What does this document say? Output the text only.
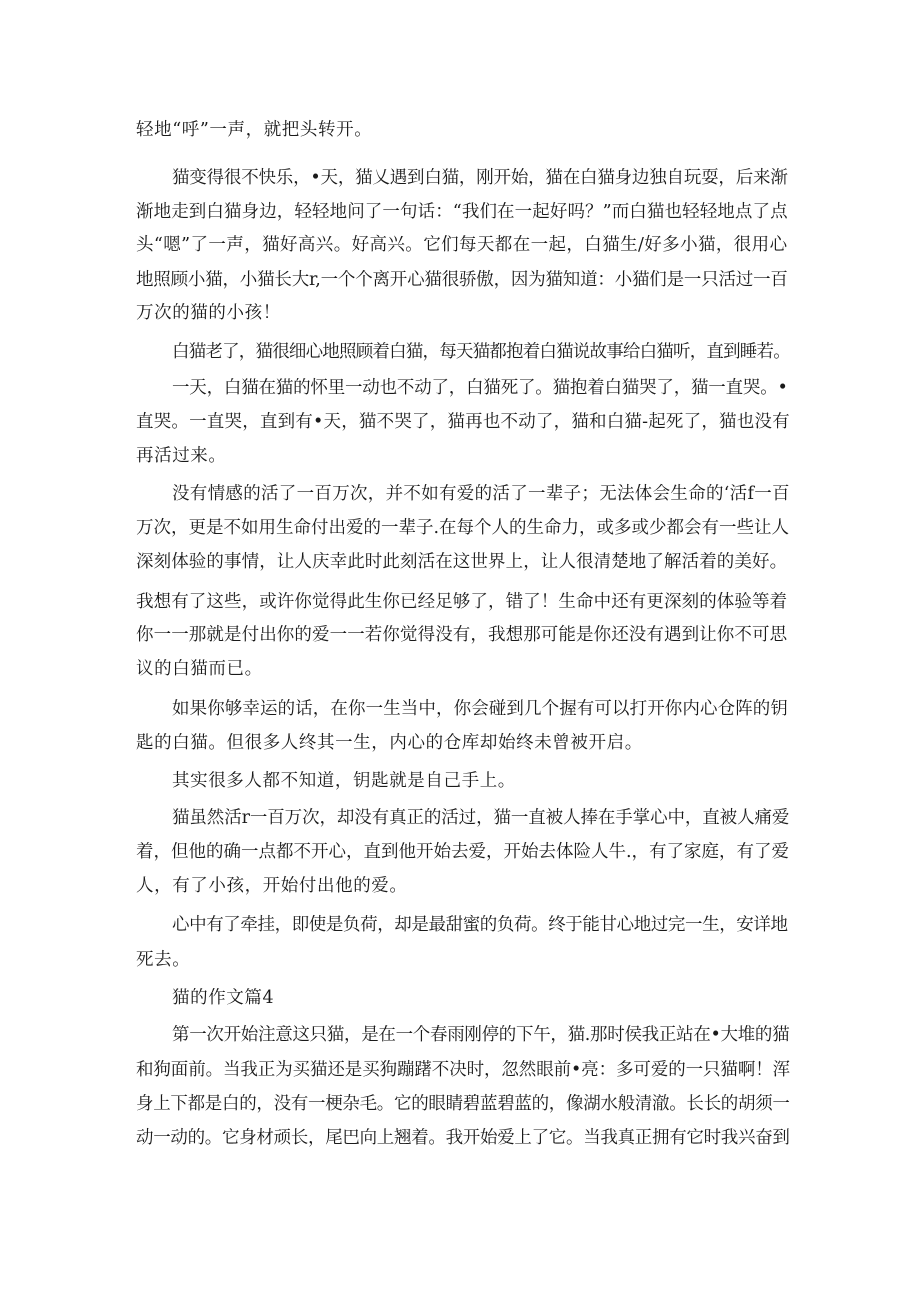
轻地“呼”一声，就把头转开。
猫变得很不快乐，•天，猫乂遇到白猫，刚开始，猫在白猫身边独自玩耍，后来渐
渐地走到白猫身边，轻轻地问了一句话：“我们在一起好吗？”而白猫也轻轻地点了点
头“嗯”了一声，猫好高兴。好高兴。它们每天都在一起，白猫生/好多小猫，很用心
地照顾小猫，小猫长大r,一个个离开心猫很骄傲，因为猫知道：小猫们是一只活过一百
万次的猫的小孩！
白猫老了，猫很细心地照顾着白猫，每天猫都抱着白猫说故事给白猫听，直到睡若。
一天，白猫在猫的怀里一动也不动了，白猫死了。猫抱着白猫哭了，猫一直哭。•
直哭。一直哭，直到有•天，猫不哭了，猫再也不动了，猫和白猫-起死了，猫也没有
再活过来。
没有情感的活了一百万次，并不如有爱的活了一辈子；无法体会生命的‘活f一百
万次，更是不如用生命付出爱的一辈子.在每个人的生命力，或多或少都会有一些让人
深刻体验的事情，让人庆幸此时此刻活在这世界上，让人很清楚地了解活着的美好。
我想有了这些，或许你觉得此生你已经足够了，错了！生命中还有更深刻的体验等着
你一一那就是付出你的爱一一若你觉得没有，我想那可能是你还没有遇到让你不可思
议的白猫而已。
如果你够幸运的话，在你一生当中，你会碰到几个握有可以打开你内心仓阵的钥
匙的白猫。但很多人终其一生，内心的仓库却始终未曾被开启。
其实很多人都不知道，钥匙就是自己手上。
猫虽然活r一百万次，却没有真正的活过，猫一直被人捧在手掌心中，直被人痛爱
着，但他的确一点都不开心，直到他开始去爱，开始去体险人牛.，有了家庭，有了爱
人，有了小孩，开始付出他的爱。
心中有了牵挂，即使是负荷，却是最甜蜜的负荷。终于能甘心地过完一生，安详地
死去。
猫的作文篇4
第一次开始注意这只猫，是在一个春雨刚停的下午，猫.那时侯我正站在•大堆的猫
和狗面前。当我正为买猫还是买狗蹦躇不决时，忽然眼前•亮：多可爱的一只猫啊！浑
身上下都是白的，没有一梗杂毛。它的眼睛碧蓝碧蓝的，像湖水般清澈。长长的胡须一
动一动的。它身材顽长，尾巴向上翘着。我开始爱上了它。当我真正拥有它时我兴奋到
